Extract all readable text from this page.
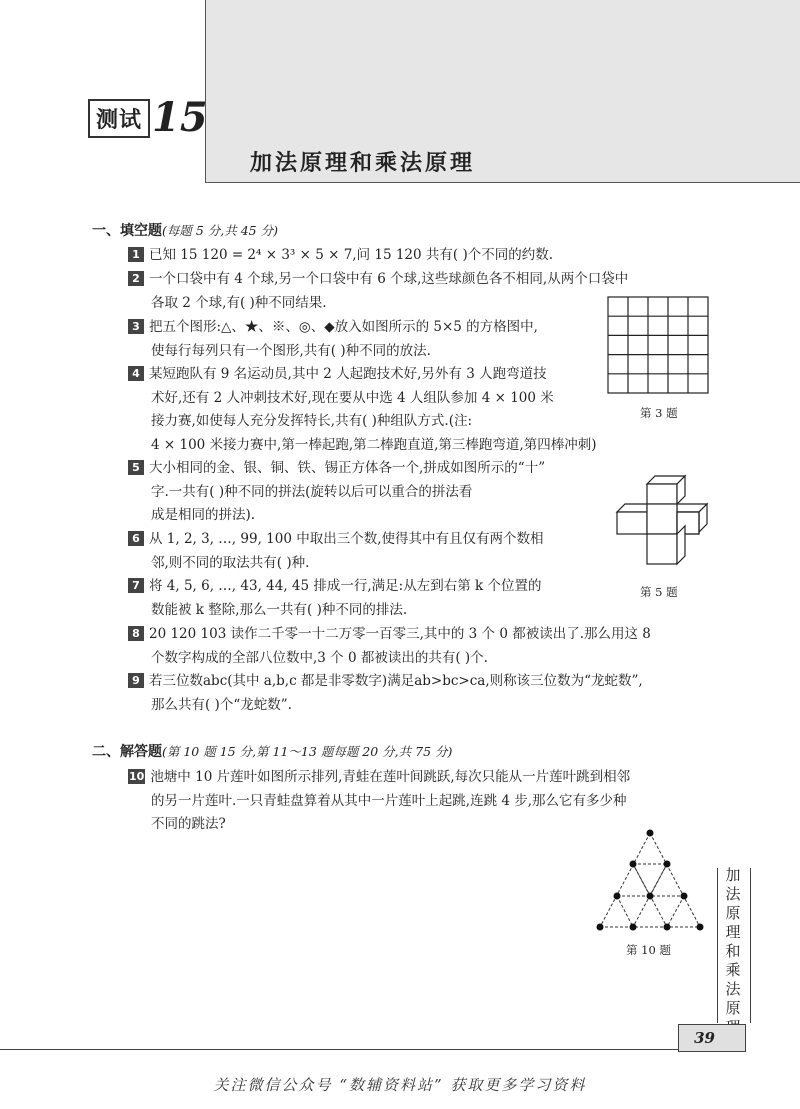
测试 15
加法原理和乘法原理
一、填空题(每题 5 分,共 45 分)
1 已知 15 120 = 2⁴ × 3³ × 5 × 7,问 15 120 共有( )个不同的约数.
2 一个口袋中有 4 个球,另一个口袋中有 6 个球,这些球颜色各不相同,从两个口袋中
各取 2 个球,有( )种不同结果.
3 把五个图形:△、★、※、◎、◆放入如图所示的 5×5 的方格图中,
使每行每列只有一个图形,共有( )种不同的放法.
4 某短跑队有 9 名运动员,其中 2 人起跑技术好,另外有 3 人跑弯道技
术好,还有 2 人冲刺技术好,现在要从中选 4 人组队参加 4 × 100 米
接力赛,如使每人充分发挥特长,共有( )种组队方式.(注:
4 × 100 米接力赛中,第一棒起跑,第二棒跑直道,第三棒跑弯道,第四棒冲刺)
5 大小相同的金、银、铜、铁、锡正方体各一个,拼成如图所示的“十”
字.一共有( )种不同的拼法(旋转以后可以重合的拼法看
成是相同的拼法).
6 从 1, 2, 3, …, 99, 100 中取出三个数,使得其中有且仅有两个数相
邻,则不同的取法共有( )种.
7 将 4, 5, 6, …, 43, 44, 45 排成一行,满足:从左到右第 k 个位置的
数能被 k 整除,那么一共有( )种不同的排法.
8 20 120 103 读作二千零一十二万零一百零三,其中的 3 个 0 都被读出了.那么用这 8
个数字构成的全部八位数中,3 个 0 都被读出的共有( )个.
9 若三位数abc(其中 a,b,c 都是非零数字)满足ab>bc>ca,则称该三位数为“龙蛇数”,
那么共有( )个“龙蛇数”.
二、解答题(第 10 题 15 分,第 11～13 题每题 20 分,共 75 分)
10 池塘中 10 片莲叶如图所示排列,青蛙在莲叶间跳跃,每次只能从一片莲叶跳到相邻
的另一片莲叶.一只青蛙盘算着从其中一片莲叶上起跳,连跳 4 步,那么它有多少种
不同的跳法?
第 3 题
第 5 题
第 10 题
加法原理和乘法原
39
关注微信公众号 “数辅资料站” 获取更多学习资料
